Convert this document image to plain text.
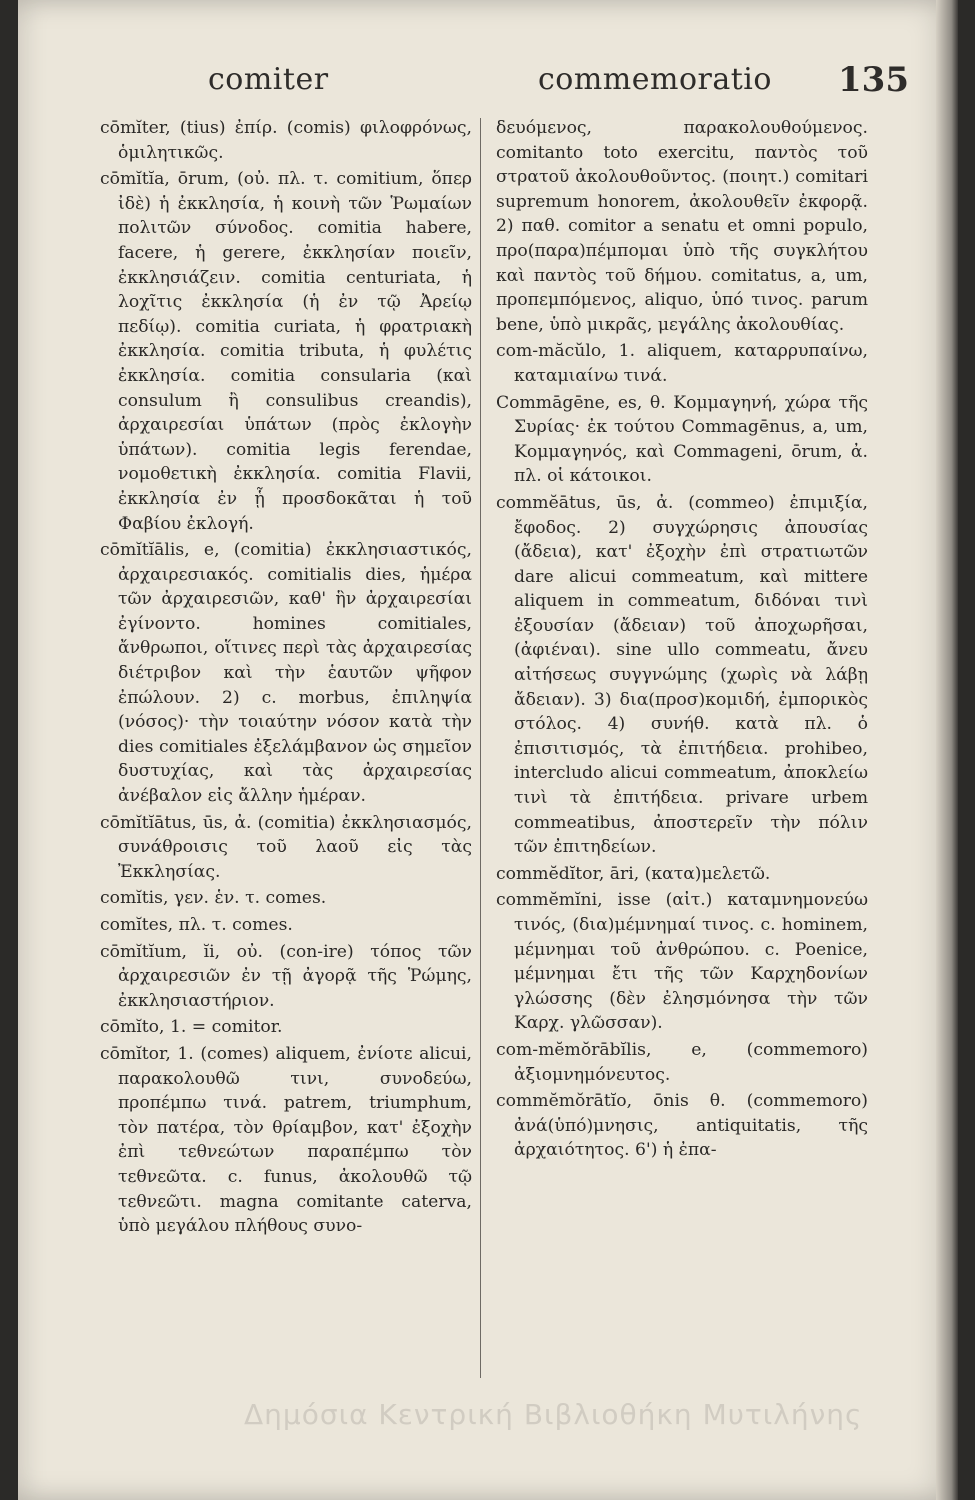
comiter	commemoratio 135

cōmĭter, (tius) ἐπίρ. (comis) φιλοφρόνως, ὁμιλητικῶς.

cōmĭtĭa, ōrum, (οὐ. πλ. τ. comitium, ὅπερ ἰδὲ) ἡ ἐκκλησία, ἡ κοινὴ τῶν Ῥωμαίων πολιτῶν σύνοδος. comitia habere, facere, ἡ gerere, ἐκκλησίαν ποιεῖν, ἐκκλησιάζειν. comitia centuriata, ἡ λοχῖτις ἐκκλησία (ἡ ἐν τῷ Ἀρείῳ πεδίῳ). comitia curiata, ἡ φρατριακὴ ἐκκλησία. comitia tributa, ἡ φυλέτις ἐκκλησία. comitia consularia (καὶ consulum ἢ consulibus creandis), ἀρχαιρεσίαι ὑπάτων (πρὸς ἐκλογὴν ὑπάτων). comitia legis ferendae, νομοθετικὴ ἐκκλησία. comitia Flavii, ἐκκλησία ἐν ᾗ προσδοκᾶται ἡ τοῦ Φαβίου ἐκλογή.

cōmĭtĭālis, e, (comitia) ἐκκλησιαστικός, ἀρχαιρεσιακός. comitialis dies, ἡμέρα τῶν ἀρχαιρεσιῶν, καθ' ἣν ἀρχαιρεσίαι ἐγίνοντο. homines comitiales, ἄνθρωποι, οἵτινες περὶ τὰς ἀρχαιρεσίας διέτριβον καὶ τὴν ἑαυτῶν ψῆφον ἐπώλουν. 2) c. morbus, ἐπιληψία (νόσος)· τὴν τοιαύτην νόσον κατὰ τὴν dies comitiales ἐξελάμβανον ὡς σημεῖον δυστυχίας, καὶ τὰς ἀρχαιρεσίας ἀνέβαλον εἰς ἄλλην ἡμέραν.

cōmĭtĭātus, ūs, ἀ. (comitia) ἐκκλησιασμός, συνάθροισις τοῦ λαοῦ εἰς τὰς Ἐκκλησίας.

comĭtis, γεν. ἑν. τ. comes.

comĭtes, πλ. τ. comes.

cōmĭtĭum, ĭi, οὐ. (con-ire) τόπος τῶν ἀρχαιρεσιῶν ἐν τῇ ἀγορᾷ τῆς Ῥώμης, ἐκκλησιαστήριον.

cōmĭto, 1. = comitor.

cōmĭtor, 1. (comes) aliquem, ἐνίοτε alicui, παρακολουθῶ τινι, συνοδεύω, προπέμπω τινά. patrem, triumphum, τὸν πατέρα, τὸν θρίαμβον, κατ' ἐξοχὴν ἐπὶ τεθνεώτων παραπέμπω τὸν τεθνεῶτα. c. funus, ἀκολουθῶ τῷ τεθνεῶτι. magna comitante caterva, ὑπὸ μεγάλου πλήθους συνο-

δευόμενος, παρακολουθούμενος. comitanto toto exercitu, παντὸς τοῦ στρατοῦ ἀκολουθοῦντος. (ποιητ.) comitari supremum honorem, ἀκολουθεῖν ἐκφορᾷ. 2) παθ. comitor a senatu et omni populo, προ(παρα)πέμπομαι ὑπὸ τῆς συγκλήτου καὶ παντὸς τοῦ δήμου. comitatus, a, um, προπεμπόμενος, aliquo, ὑπό τινος. parum bene, ὑπὸ μικρᾶς, μεγάλης ἀκολουθίας.

com-măcŭlo, 1. aliquem, καταρρυπαίνω, καταμιαίνω τινά.

Commāgēne, es, θ. Κομμαγηνή, χώρα τῆς Συρίας· ἐκ τούτου Commagēnus, a, um, Κομμαγηνός, καὶ Commageni, ōrum, ἀ. πλ. οἱ κάτοικοι.

commĕātus, ūs, ἀ. (commeo) ἐπιμιξία, ἔφοδος. 2) συγχώρησις ἀπουσίας (ἄδεια), κατ' ἐξοχὴν ἐπὶ στρατιωτῶν dare alicui commeatum, καὶ mittere aliquem in commeatum, διδόναι τινὶ ἐξουσίαν (ἄδειαν) τοῦ ἀποχωρῆσαι, (ἀφιέναι). sine ullo commeatu, ἄνευ αἰτήσεως συγγνώμης (χωρὶς νὰ λάβῃ ἄδειαν). 3) δια(προσ)κομιδή, ἐμπορικὸς στόλος. 4) συνήθ. κατὰ πλ. ὁ ἐπισιτισμός, τὰ ἐπιτήδεια. prohibeo, intercludo alicui commeatum, ἀποκλείω τινὶ τὰ ἐπιτήδεια. privare urbem commeatibus, ἀποστερεῖν τὴν πόλιν τῶν ἐπιτηδείων.

commĕdĭtor, āri, (κατα)μελετῶ.

commĕmĭni, isse (αἰτ.) καταμνημονεύω τινός, (δια)μέμνημαί τινος. c. hominem, μέμνημαι τοῦ ἀνθρώπου. c. Poenice, μέμνημαι ἔτι τῆς τῶν Καρχηδονίων γλώσσης (δὲν ἐλησμόνησα τὴν τῶν Καρχ. γλῶσσαν).

com-mĕmŏrābĭlis, e, (commemoro) ἀξιομνημόνευτος.

commĕmŏrātĭo, ōnis θ. (commemoro) ἀνά(ὑπό)μνησις, antiquitatis, τῆς ἀρχαιότητος. 6') ἡ ἐπα-

Δημόσια Κεντρική Βιβλιοθήκη Μυτιλήνης
